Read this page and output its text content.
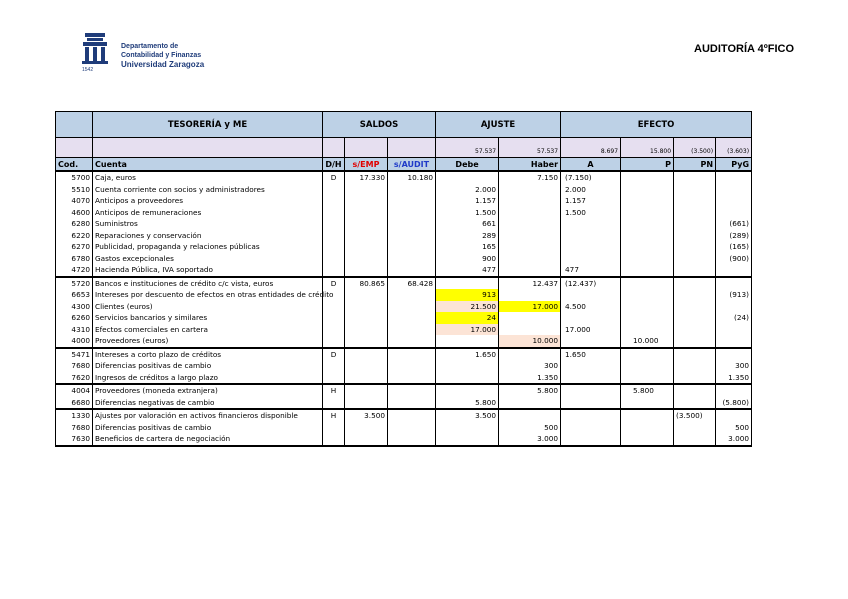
1542
Departamento de
Contabilidad y Finanzas
Universidad Zaragoza
AUDITORÍA 4ºFICO
	TESORERÍA y ME	SALDOS			AJUSTE		EFECTO			
					57.537	57.537	8.697	15.800	(3.500)	(3.603)
Cod.	Cuenta	D/H	s/EMP	s/AUDIT	Debe	Haber	A	P	PN	PyG
5700	Caja, euros	D	17.330	10.180		7.150	(7.150)			
5510	Cuenta corriente con socios y administradores				2.000		2.000			
4070	Anticipos a proveedores				1.157		1.157			
4600	Anticipos de remuneraciones				1.500		1.500			
6280	Suministros				661					(661)
6220	Reparaciones y conservación				289					(289)
6270	Publicidad, propaganda y relaciones públicas				165					(165)
6780	Gastos excepcionales				900					(900)
4720	Hacienda Pública, IVA soportado				477		477			
5720	Bancos e instituciones de crédito c/c vista, euros	D	80.865	68.428		12.437	(12.437)			
6653	Intereses por descuento de efectos en otras entidades de crédito				913					(913)
4300	Clientes (euros)				21.500	17.000	4.500			
6260	Servicios bancarios y similares				24					(24)
4310	Efectos comerciales en cartera				17.000		17.000			
4000	Proveedores (euros)					10.000		10.000		
5471	Intereses a corto plazo de créditos	D			1.650		1.650			
7680	Diferencias positivas de cambio					300				300
7620	Ingresos de créditos a largo plazo					1.350				1.350
4004	Proveedores (moneda extranjera)	H				5.800		5.800		
6680	Diferencias negativas de cambio				5.800					(5.800)
1330	Ajustes por valoración en activos financieros disponible	H	3.500		3.500				(3.500)	
7680	Diferencias positivas de cambio					500				500
7630	Beneficios de cartera de negociación					3.000				3.000
